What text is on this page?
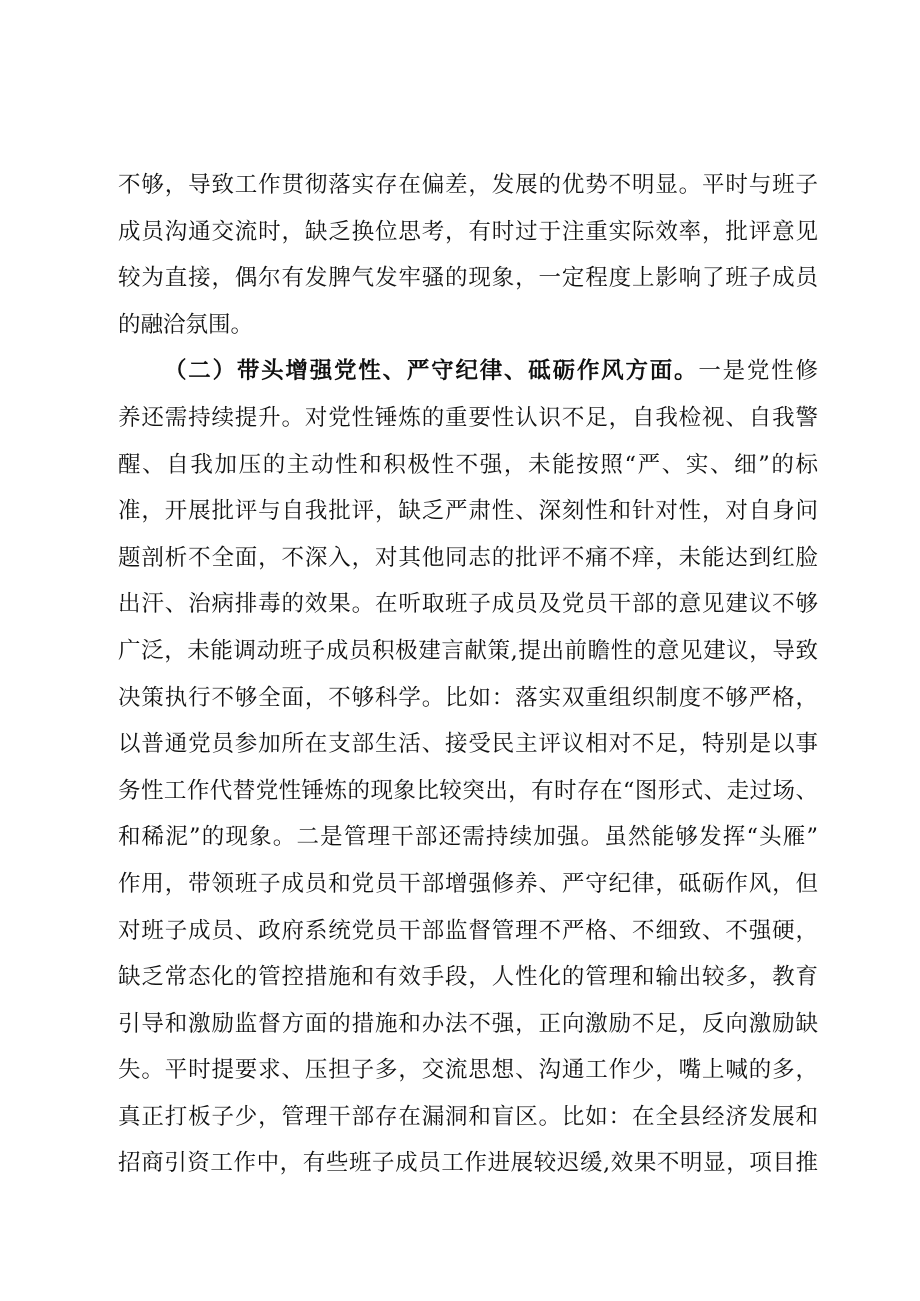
不够，导致工作贯彻落实存在偏差，发展的优势不明显。平时与班子
成员沟通交流时，缺乏换位思考，有时过于注重实际效率，批评意见
较为直接，偶尔有发脾气发牢骚的现象，一定程度上影响了班子成员
的融洽氛围。
（二）带头增强党性、严守纪律、砥砺作风方面。一是党性修
养还需持续提升。对党性锤炼的重要性认识不足，自我检视、自我警
醒、自我加压的主动性和积极性不强，未能按照“严、实、细”的标
准，开展批评与自我批评，缺乏严肃性、深刻性和针对性，对自身问
题剖析不全面，不深入，对其他同志的批评不痛不痒，未能达到红脸
出汗、治病排毒的效果。在听取班子成员及党员干部的意见建议不够
广泛，未能调动班子成员积极建言献策,提出前瞻性的意见建议，导致
决策执行不够全面，不够科学。比如：落实双重组织制度不够严格，
以普通党员参加所在支部生活、接受民主评议相对不足，特别是以事
务性工作代替党性锤炼的现象比较突出，有时存在“图形式、走过场、
和稀泥”的现象。二是管理干部还需持续加强。虽然能够发挥“头雁”
作用，带领班子成员和党员干部增强修养、严守纪律，砥砺作风，但
对班子成员、政府系统党员干部监督管理不严格、不细致、不强硬，
缺乏常态化的管控措施和有效手段，人性化的管理和输出较多，教育
引导和激励监督方面的措施和办法不强，正向激励不足，反向激励缺
失。平时提要求、压担子多，交流思想、沟通工作少，嘴上喊的多，
真正打板子少，管理干部存在漏洞和盲区。比如：在全县经济发展和
招商引资工作中，有些班子成员工作进展较迟缓,效果不明显，项目推
